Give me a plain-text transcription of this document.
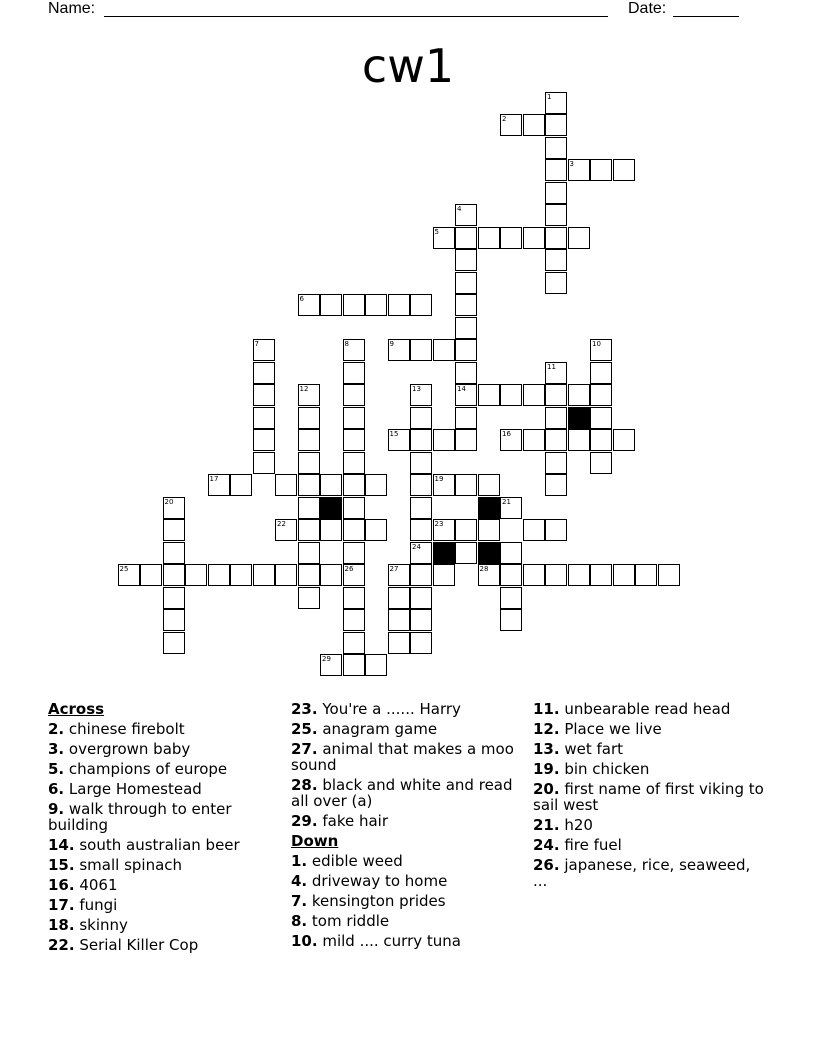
Name:	Date:
cw1
1
2
3
4
5
6
7	8	9	10
11
12	13	14
15	16
17	19
20	21
22	23
24
25	26
29
27	28
Across
2. chinese firebolt
3. overgrown baby
5. champions of europe
6. Large Homestead
9. walk through to enter building
14. south australian beer
15. small spinach
16. 4061
17. fungi
18. skinny
22. Serial Killer Cop
23. You're a ...... Harry
25. anagram game
27. animal that makes a moo sound
28. black and white and read all over (a)
29. fake hair
Down
1. edible weed
4. driveway to home
7. kensington prides
8. tom riddle
10. mild .... curry tuna
11. unbearable read head
12. Place we live
13. wet fart
19. bin chicken
20. first name of first viking to sail west
21. h20
24. fire fuel
26. japanese, rice, seaweed, ...
